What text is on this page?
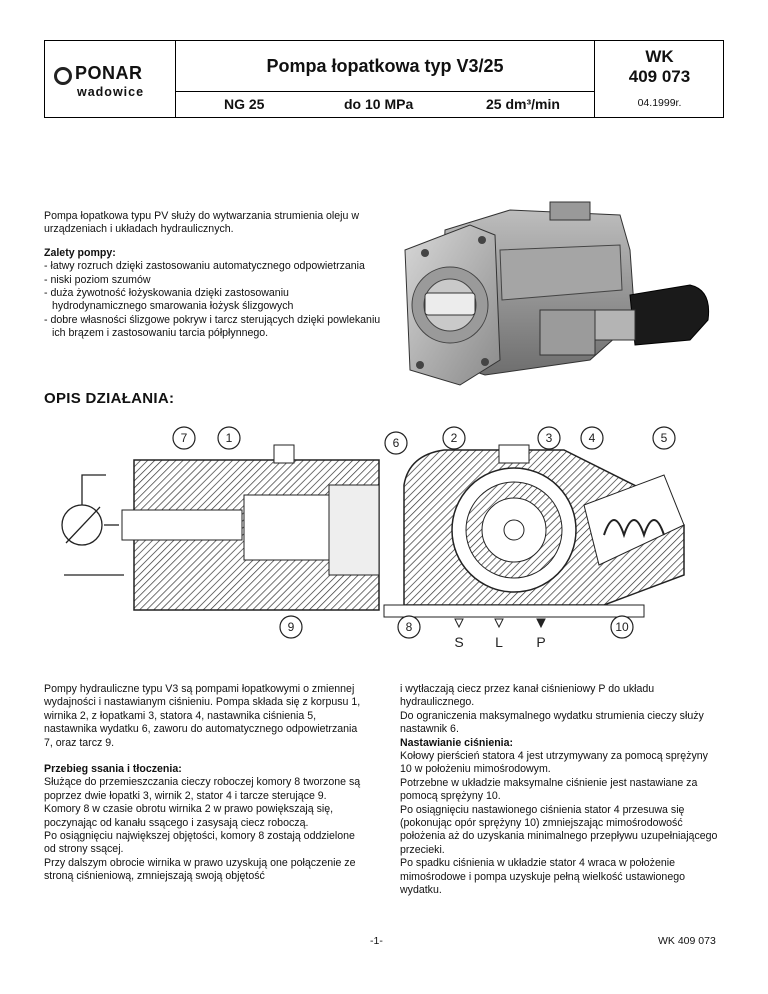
PONAR
wadowice
Pompa łopatkowa typ V3/25
NG 25	do 10 MPa	25 dm³/min
WK
409 073
04.1999r.

Pompa łopatkowa typu PV służy do wytwarzania strumienia oleju w urządzeniach i układach hydraulicznych.

Zalety pompy:

- łatwy rozruch dzięki zastosowaniu automatycznego odpowietrzania

- niski poziom szumów

- duża żywotność łożyskowania dzięki zastosowaniu hydrodynamicznego smarowania łożysk ślizgowych

- dobre własności ślizgowe pokryw i tarcz sterujących dzięki powlekaniu ich brązem i zastosowaniu tarcia półpłynnego.

OPIS DZIAŁANIA:
7	1	6	2	3	4	5
9	8	10
S L P

Pompy hydrauliczne typu V3 są pompami łopatkowymi o zmiennej wydajności i nastawianym ciśnieniu. Pompa składa się z korpusu 1, wirnika 2, z łopatkami 3, statora 4, nastawnika ciśnienia 5, nastawnika wydatku 6, zaworu do automatycznego odpowietrzania 7, oraz tarcz 9.

Przebieg ssania i tłoczenia:

Służące do przemieszczania cieczy roboczej komory 8 tworzone są poprzez dwie łopatki 3, wirnik 2, stator 4 i tarcze sterujące 9.

Komory 8 w czasie obrotu wirnika 2 w prawo powiększają się, poczynając od kanału ssącego i zasysają ciecz roboczą.

Po osiągnięciu największej objętości, komory 8 zostają oddzielone od strony ssącej.

Przy dalszym obrocie wirnika w prawo uzyskują one połączenie ze stroną ciśnieniową, zmniejszają swoją objętość

i wytłaczają ciecz przez kanał ciśnieniowy P do układu hydraulicznego.

Do ograniczenia maksymalnego wydatku strumienia cieczy służy nastawnik 6.

Nastawianie ciśnienia:

Kołowy pierścień statora 4 jest utrzymywany za pomocą sprężyny 10 w położeniu mimośrodowym.

Potrzebne w układzie maksymalne ciśnienie jest nastawiane za pomocą sprężyny 10.

Po osiągnięciu nastawionego ciśnienia stator 4 przesuwa się (pokonując opór sprężyny 10) zmniejszając mimośrodowość położenia aż do uzyskania minimalnego przepływu uzupełniającego przecieki.

Po spadku ciśnienia w układzie stator 4 wraca w położenie mimośrodowe i pompa uzyskuje pełną wielkość ustawionego wydatku.

-1-	WK 409 073
